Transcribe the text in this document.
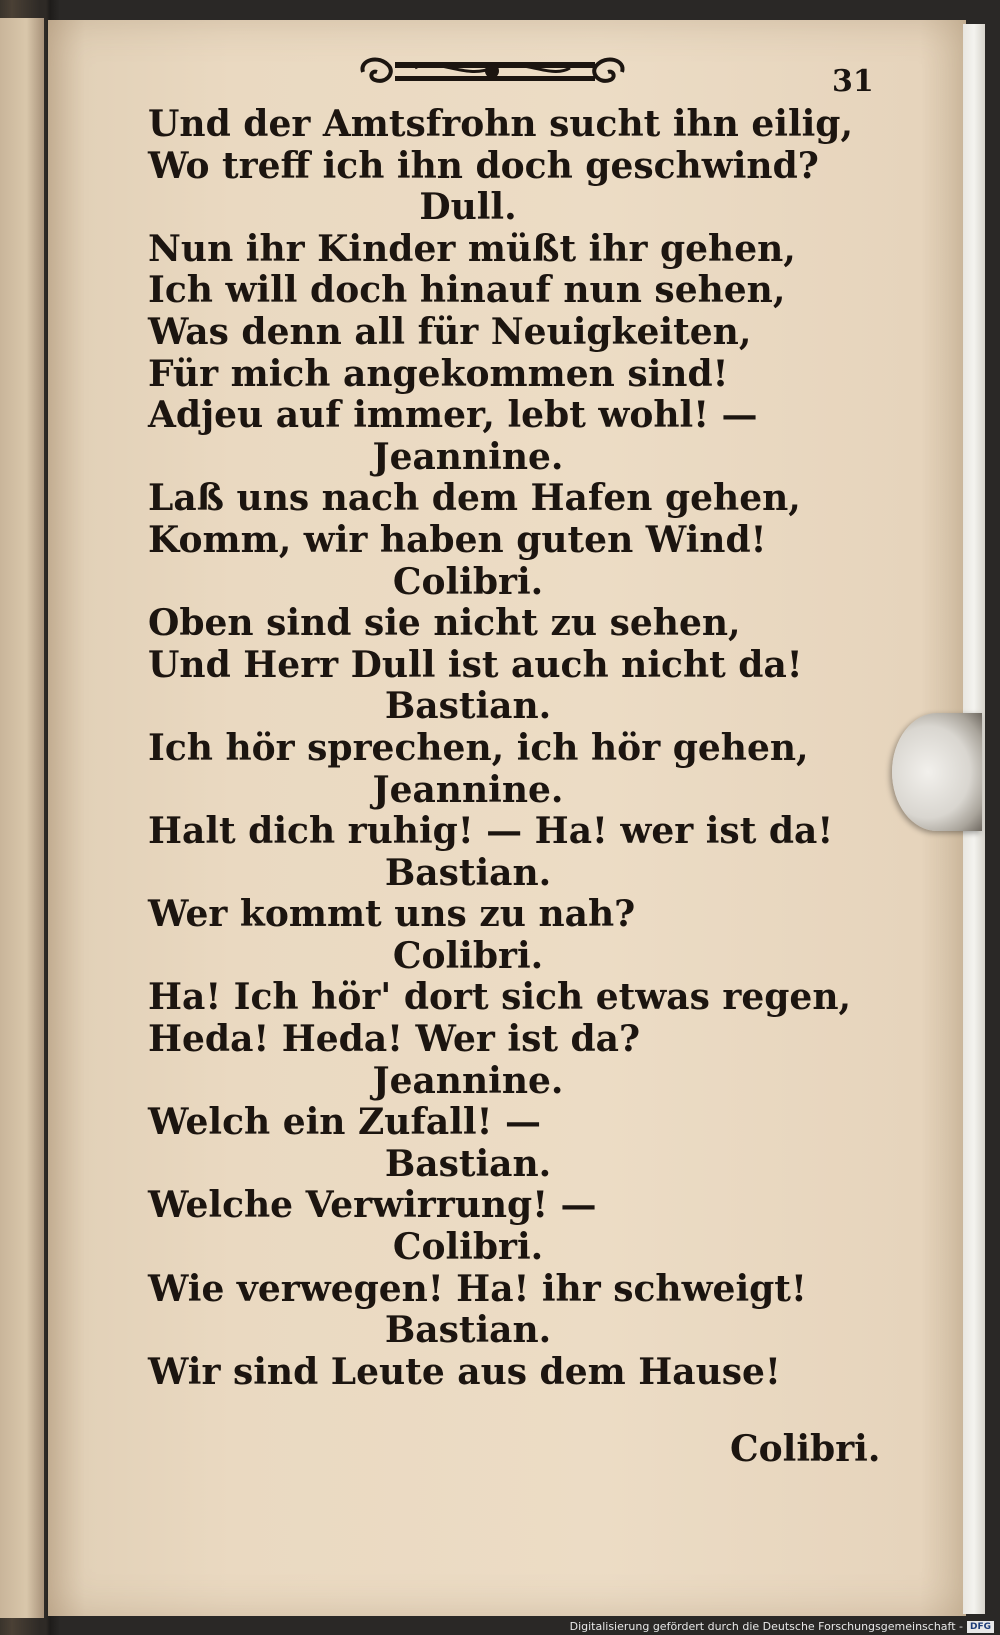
31
Und der Amtsfrohn sucht ihn eilig,
Wo treff ich ihn doch geschwind?
Dull.
Nun ihr Kinder müßt ihr gehen,
Ich will doch hinauf nun sehen,
Was denn all für Neuigkeiten,
Für mich angekommen sind!
Adjeu auf immer, lebt wohl! —
Jeannine.
Laß uns nach dem Hafen gehen,
Komm, wir haben guten Wind!
Colibri.
Oben sind sie nicht zu sehen,
Und Herr Dull ist auch nicht da!
Bastian.
Ich hör sprechen, ich hör gehen,
Jeannine.
Halt dich ruhig! — Ha! wer ist da!
Bastian.
Wer kommt uns zu nah?
Colibri.
Ha! Ich hör' dort sich etwas regen,
Heda! Heda! Wer ist da?
Jeannine.
Welch ein Zufall! —
Bastian.
Welche Verwirrung! —
Colibri.
Wie verwegen! Ha! ihr schweigt!
Bastian.
Wir sind Leute aus dem Hause!
Colibri.
Digitalisierung gefördert durch die Deutsche Forschungsgemeinschaft - DFG
